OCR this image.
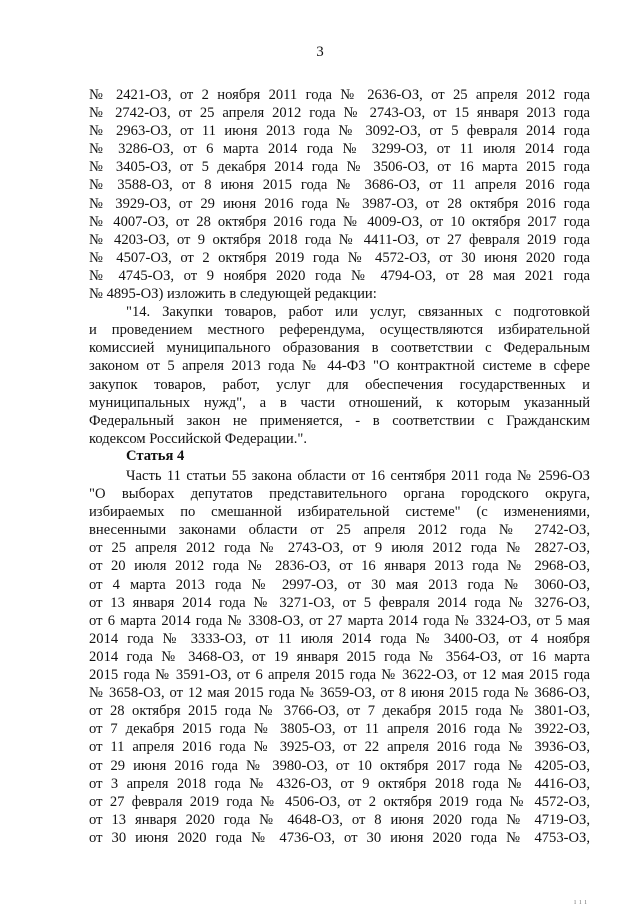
3
№ 2421-ОЗ, от 2 ноября 2011 года № 2636-ОЗ, от 25 апреля 2012 года
№ 2742-ОЗ, от 25 апреля 2012 года № 2743-ОЗ, от 15 января 2013 года
№ 2963-ОЗ, от 11 июня 2013 года № 3092-ОЗ, от 5 февраля 2014 года
№ 3286-ОЗ, от 6 марта 2014 года № 3299-ОЗ, от 11 июля 2014 года
№ 3405-ОЗ, от 5 декабря 2014 года № 3506-ОЗ, от 16 марта 2015 года
№ 3588-ОЗ, от 8 июня 2015 года № 3686-ОЗ, от 11 апреля 2016 года
№ 3929-ОЗ, от 29 июня 2016 года № 3987-ОЗ, от 28 октября 2016 года
№ 4007-ОЗ, от 28 октября 2016 года № 4009-ОЗ, от 10 октября 2017 года
№ 4203-ОЗ, от 9 октября 2018 года № 4411-ОЗ, от 27 февраля 2019 года
№ 4507-ОЗ, от 2 октября 2019 года № 4572-ОЗ, от 30 июня 2020 года
№ 4745-ОЗ, от 9 ноября 2020 года № 4794-ОЗ, от 28 мая 2021 года
№ 4895-ОЗ) изложить в следующей редакции:
"14. Закупки товаров, работ или услуг, связанных с подготовкой
и проведением местного референдума, осуществляются избирательной
комиссией муниципального образования в соответствии с Федеральным
законом от 5 апреля 2013 года № 44-ФЗ "О контрактной системе в сфере
закупок товаров, работ, услуг для обеспечения государственных и
муниципальных нужд", а в части отношений, к которым указанный
Федеральный закон не применяется, - в соответствии с Гражданским
кодексом Российской Федерации.".
Статья 4
Часть 11 статьи 55 закона области от 16 сентября 2011 года № 2596-ОЗ
"О выборах депутатов представительного органа городского округа,
избираемых по смешанной избирательной системе" (с изменениями,
внесенными законами области от 25 апреля 2012 года № 2742-ОЗ,
от 25 апреля 2012 года № 2743-ОЗ, от 9 июля 2012 года № 2827-ОЗ,
от 20 июля 2012 года № 2836-ОЗ, от 16 января 2013 года № 2968-ОЗ,
от 4 марта 2013 года № 2997-ОЗ, от 30 мая 2013 года № 3060-ОЗ,
от 13 января 2014 года № 3271-ОЗ, от 5 февраля 2014 года № 3276-ОЗ,
от 6 марта 2014 года № 3308-ОЗ, от 27 марта 2014 года № 3324-ОЗ, от 5 мая
2014 года № 3333-ОЗ, от 11 июля 2014 года № 3400-ОЗ, от 4 ноября
2014 года № 3468-ОЗ, от 19 января 2015 года № 3564-ОЗ, от 16 марта
2015 года № 3591-ОЗ, от 6 апреля 2015 года № 3622-ОЗ, от 12 мая 2015 года
№ 3658-ОЗ, от 12 мая 2015 года № 3659-ОЗ, от 8 июня 2015 года № 3686-ОЗ,
от 28 октября 2015 года № 3766-ОЗ, от 7 декабря 2015 года № 3801-ОЗ,
от 7 декабря 2015 года № 3805-ОЗ, от 11 апреля 2016 года № 3922-ОЗ,
от 11 апреля 2016 года № 3925-ОЗ, от 22 апреля 2016 года № 3936-ОЗ,
от 29 июня 2016 года № 3980-ОЗ, от 10 октября 2017 года № 4205-ОЗ,
от 3 апреля 2018 года № 4326-ОЗ, от 9 октября 2018 года № 4416-ОЗ,
от 27 февраля 2019 года № 4506-ОЗ, от 2 октября 2019 года № 4572-ОЗ,
от 13 января 2020 года № 4648-ОЗ, от 8 июня 2020 года № 4719-ОЗ,
от 30 июня 2020 года № 4736-ОЗ, от 30 июня 2020 года № 4753-ОЗ,
ııı
